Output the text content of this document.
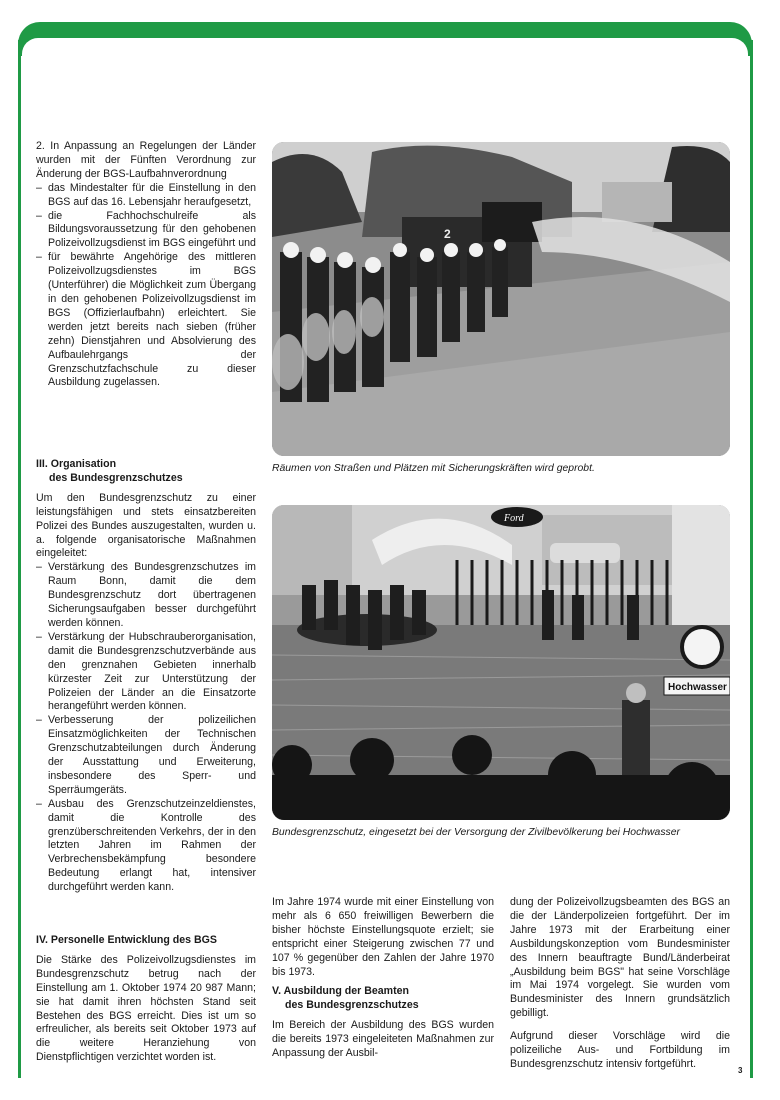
2. In Anpassung an Regelungen der Länder wurden mit der Fünften Verordnung zur Änderung der BGS-Laufbahnverordnung

– das Mindestalter für die Einstellung in den BGS auf das 16. Lebensjahr heraufgesetzt,
– die Fachhochschulreife als Bildungsvoraussetzung für den gehobenen Polizeivollzugsdienst im BGS eingeführt und
– für bewährte Angehörige des mittleren Polizeivollzugsdienstes im BGS (Unterführer) die Möglichkeit zum Übergang in den gehobenen Polizeivollzugsdienst im BGS (Offizierlaufbahn) erleichtert. Sie werden jetzt bereits nach sieben (früher zehn) Dienstjahren und Absolvierung des Aufbaulehrgangs der Grenzschutzfachschule zu dieser Ausbildung zugelassen.

III. Organisation
des Bundesgrenzschutzes

Um den Bundesgrenzschutz zu einer leistungsfähigen und stets einsatzbereiten Polizei des Bundes auszugestalten, wurden u. a. folgende organisatorische Maßnahmen eingeleitet:

– Verstärkung des Bundesgrenzschutzes im Raum Bonn, damit die dem Bundesgrenzschutz dort übertragenen Sicherungsaufgaben besser durchgeführt werden können.
– Verstärkung der Hubschrauberorganisation, damit die Bundesgrenzschutzverbände aus den grenznahen Gebieten innerhalb kürzester Zeit zur Unterstützung der Polizeien der Länder an die Einsatzorte herangeführt werden können.
– Verbesserung der polizeilichen Einsatzmöglichkeiten der Technischen Grenzschutzabteilungen durch Änderung der Ausstattung und Erweiterung, insbesondere des Sperr- und Sperräumgeräts.
– Ausbau des Grenzschutzeinzeldienstes, damit die Kontrolle des grenzüberschreitenden Verkehrs, der in den letzten Jahren im Rahmen der Verbrechensbekämpfung besondere Bedeutung erlangt hat, intensiver durchgeführt werden kann.

IV. Personelle Entwicklung des BGS

Die Stärke des Polizeivollzugsdienstes im Bundesgrenzschutz betrug nach der Einstellung am 1. Oktober 1974 20 987 Mann; sie hat damit ihren höchsten Stand seit Bestehen des BGS erreicht. Dies ist um so erfreulicher, als bereits seit Oktober 1973 auf die weitere Heranziehung von Dienstpflichtigen verzichtet worden ist.

2
Räumen von Straßen und Plätzen mit Sicherungskräften wird geprobt.
Ford
Hochwasser
Bundesgrenzschutz, eingesetzt bei der Versorgung der Zivilbevölkerung bei Hochwasser

Im Jahre 1974 wurde mit einer Einstellung von mehr als 6 650 freiwilligen Bewerbern die bisher höchste Einstellungsquote erzielt; sie entspricht einer Steigerung zwischen 77 und 107 % gegenüber den Zahlen der Jahre 1970 bis 1973.

V. Ausbildung der Beamten
des Bundesgrenzschutzes

Im Bereich der Ausbildung des BGS wurden die bereits 1973 eingeleiteten Maßnahmen zur Anpassung der Ausbil-

dung der Polizeivollzugsbeamten des BGS an die der Länderpolizeien fortgeführt. Der im Jahre 1973 mit der Erarbeitung einer Ausbildungskonzeption vom Bundesminister des Innern beauftragte Bund/Länderbeirat „Ausbildung beim BGS" hat seine Vorschläge im Mai 1974 vorgelegt. Sie wurden vom Bundesminister des Innern grundsätzlich gebilligt.

Aufgrund dieser Vorschläge wird die polizeiliche Aus- und Fortbildung im Bundesgrenzschutz intensiv fortgeführt.

3
